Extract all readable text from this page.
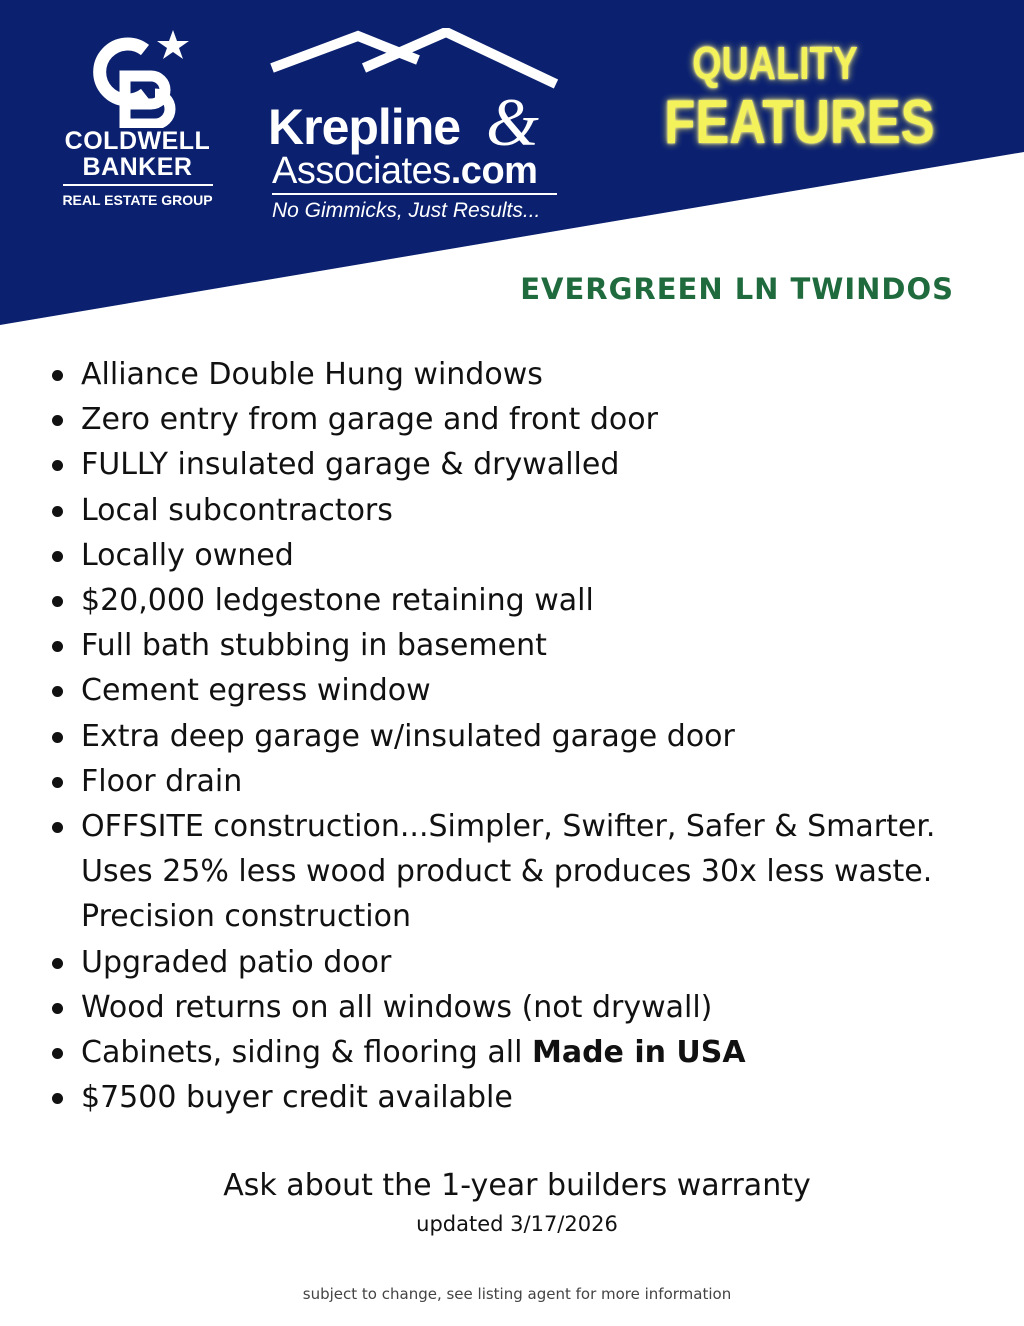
COLDWELL
BANKER
REAL ESTATE GROUP
Krepline &
Associates.com
No Gimmicks, Just Results...
QUALITY
FEATURES
EVERGREEN LN TWINDOS
Alliance Double Hung windows
Zero entry from garage and front door
FULLY insulated garage & drywalled
Local subcontractors
Locally owned
$20,000 ledgestone retaining wall
Full bath stubbing in basement
Cement egress window
Extra deep garage w/insulated garage door
Floor drain
OFFSITE construction...Simpler, Swifter, Safer & Smarter. Uses 25% less wood product & produces 30x less waste. Precision construction
Upgraded patio door
Wood returns on all windows (not drywall)
Cabinets, siding & flooring all Made in USA
$7500 buyer credit available
Ask about the 1-year builders warranty
updated 3/17/2026
subject to change, see listing agent for more information
